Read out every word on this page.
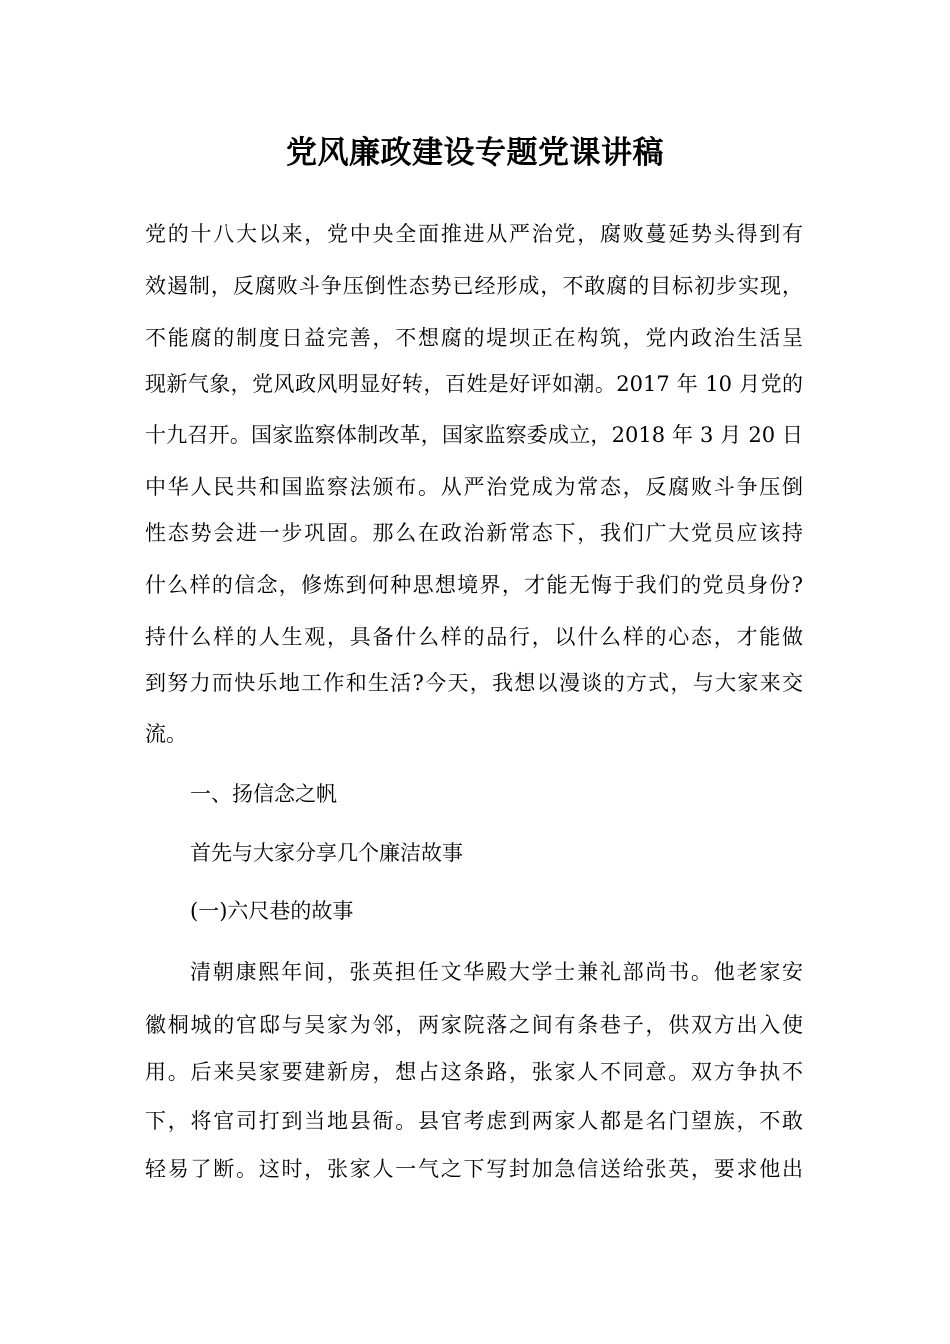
党风廉政建设专题党课讲稿
党的十八大以来，党中央全面推进从严治党，腐败蔓延势头得到有
效遏制，反腐败斗争压倒性态势已经形成，不敢腐的目标初步实现，
不能腐的制度日益完善，不想腐的堤坝正在构筑，党内政治生活呈
现新气象，党风政风明显好转，百姓是好评如潮。2017 年 10 月党的
十九召开。国家监察体制改革，国家监察委成立，2018 年 3 月 20 日
中华人民共和国监察法颁布。从严治党成为常态，反腐败斗争压倒
性态势会进一步巩固。那么在政治新常态下，我们广大党员应该持
什么样的信念，修炼到何种思想境界，才能无悔于我们的党员身份?
持什么样的人生观，具备什么样的品行，以什么样的心态，才能做
到努力而快乐地工作和生活?今天，我想以漫谈的方式，与大家来交
流。
一、扬信念之帆
首先与大家分享几个廉洁故事
(一)六尺巷的故事
清朝康熙年间，张英担任文华殿大学士兼礼部尚书。他老家安
徽桐城的官邸与吴家为邻，两家院落之间有条巷子，供双方出入使
用。后来吴家要建新房，想占这条路，张家人不同意。双方争执不
下，将官司打到当地县衙。县官考虑到两家人都是名门望族，不敢
轻易了断。这时，张家人一气之下写封加急信送给张英，要求他出
